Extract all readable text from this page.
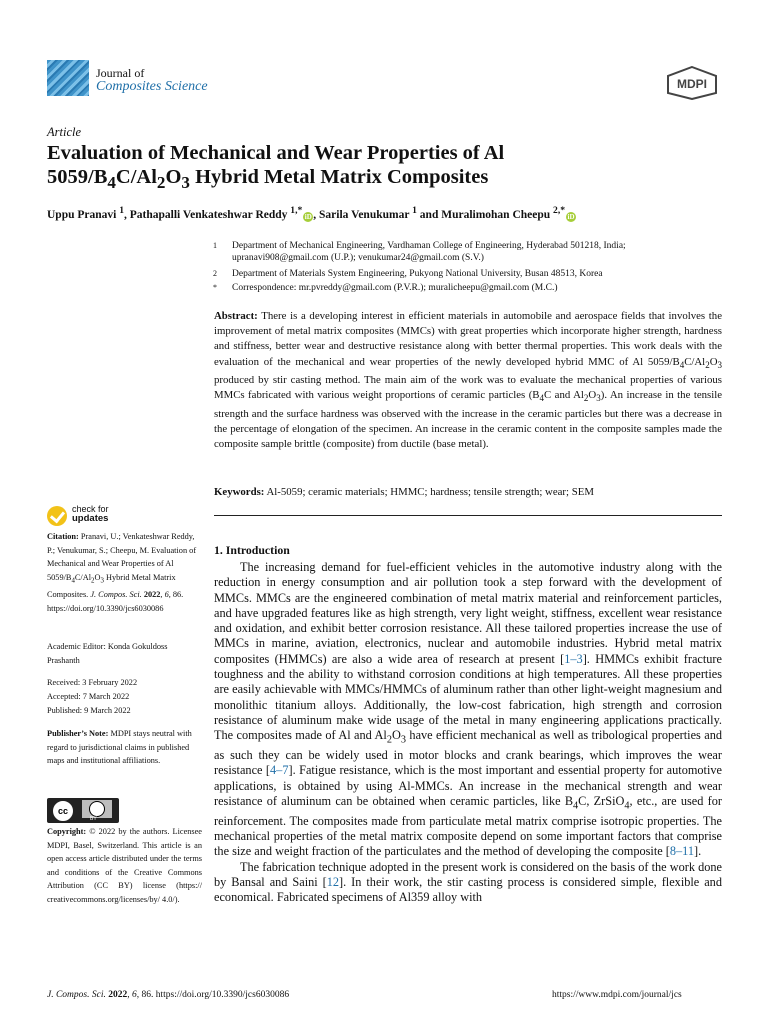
Journal of
Composites Science	MDPI
Article
Evaluation of Mechanical and Wear Properties of Al
$5059/B_4C/Al_2O_3$ Hybrid Metal Matrix Composites
Uppu Pranavi $^1$, Pathapalli Venkateshwar Reddy $^{1,*}$iD , Sarila Venukumar $^1$ and Muralimohan Cheepu $^{2,*}$iD
1 Department of Mechanical Engineering, Vardhaman College of Engineering, Hyderabad 501218, India; upranavi908@gmail.com (U.P.); venukumar24@gmail.com (S.V.)
2 Department of Materials System Engineering, Pukyong National University, Busan 48513, Korea
* Correspondence: mr.pvreddy@gmail.com (P.V.R.); muralicheepu@gmail.com (M.C.)
Abstract: There is a developing interest in efficient materials in automobile and aerospace fields that involves the improvement of metal matrix composites (MMCs) with great properties which incorporate higher strength, hardness and stiffness, better wear and destructive resistance along with better thermal properties. This work deals with the evaluation of the mechanical and wear properties of the newly developed hybrid MMC of Al $5059/B_4C/Al_2O_3$ produced by stir casting method. The main aim of the work was to evaluate the mechanical properties of various MMCs fabricated with various weight proportions of ceramic particles ($B_4C$ and $Al_2O_3$). An increase in the tensile strength and the surface hardness was observed with the increase in the ceramic particles but there was a decrease in the percentage of elongation of the specimen. An increase in the ceramic content in the composite samples made the composite sample brittle (composite) from ductile (base metal).
Keywords: Al-5059; ceramic materials; HMMC; hardness; tensile strength; wear; SEM
check for
updates
Citation: Pranavi, U.; Venkateshwar Reddy, P.; Venukumar, S.; Cheepu, M. Evaluation of Mechanical and Wear Properties of Al $5059/B_4C/Al_2O_3$ Hybrid Metal Matrix Composites. J. Compos. Sci. 2022, 6, 86. https://doi.org/10.3390/jcs6030086
Academic Editor: Konda Gokuldoss Prashanth
Received: 3 February 2022
Accepted: 7 March 2022
Published: 9 March 2022
Publisher’s Note: MDPI stays neutral with regard to jurisdictional claims in published maps and institutional affiliations.
cc
BY
Copyright: © 2022 by the authors. Licensee MDPI, Basel, Switzerland. This article is an open access article distributed under the terms and conditions of the Creative Commons Attribution (CC BY) license (https:// creativecommons.org/licenses/by/ 4.0/).
1. Introduction

The increasing demand for fuel-efficient vehicles in the automotive industry along with the reduction in energy consumption and air pollution took a step forward with the development of MMCs. MMCs are the engineered combination of metal matrix material and reinforcement particles, and have upgraded features like as high strength, very light weight, stiffness, excellent wear resistance and oxidation, and exhibit better corrosion resistance. All these tailored properties increase the use of MMCs in marine, aviation, electronics, nuclear and automobile industries. Hybrid metal matrix composites (HMMCs) are also a wide area of research at present [1–3]. HMMCs exhibit fracture toughness and the ability to withstand corrosion conditions at high temperatures. All these properties are easily achievable with MMCs/HMMCs of aluminum rather than other light-weight magnesium and monolithic titanium alloys. Additionally, the low-cost fabrication, high strength and corrosion resistance of aluminum make wide usage of the metal in many engineering applications practically. The composites made of Al and $Al_2O_3$ have efficient mechanical as well as tribological properties and as such they can be widely used in motor blocks and crank bearings, which improves the wear resistance [4–7]. Fatigue resistance, which is the most important and essential property for automotive applications, is obtained by using Al-MMCs. An increase in the mechanical strength and wear resistance of aluminum can be obtained when ceramic particles, like $B_4C$, ZrSiO$_4$, etc., are used for reinforcement. The composites made from particulate metal matrix comprise isotropic properties. The mechanical properties of the metal matrix composite depend on some important factors that comprise the size and weight fraction of the particulates and the method of developing the composite [8–11].

The fabrication technique adopted in the present work is considered on the basis of the work done by Bansal and Saini [12]. In their work, the stir casting process is considered simple, flexible and economical. Fabricated specimens of Al359 alloy with

J. Compos. Sci. 2022, 6, 86. https://doi.org/10.3390/jcs6030086	https://www.mdpi.com/journal/jcs
